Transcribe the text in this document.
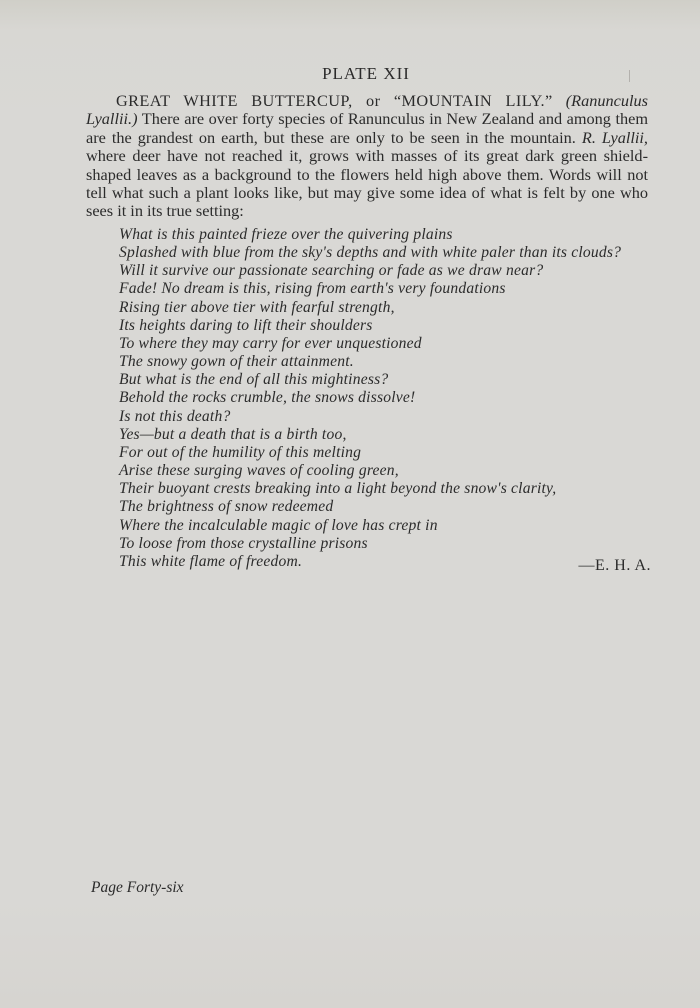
PLATE XII
GREAT WHITE BUTTERCUP, or “MOUNTAIN LILY.” (Ranunculus Lyallii.) There are over forty species of Ranunculus in New Zealand and among them are the grandest on earth, but these are only to be seen in the mountain. R. Lyallii, where deer have not reached it, grows with masses of its great dark green shield-shaped leaves as a background to the flowers held high above them. Words will not tell what such a plant looks like, but may give some idea of what is felt by one who sees it in its true setting:
What is this painted frieze over the quivering plains
Splashed with blue from the sky's depths and with white paler than its clouds?
Will it survive our passionate searching or fade as we draw near?
Fade! No dream is this, rising from earth's very foundations
Rising tier above tier with fearful strength,
Its heights daring to lift their shoulders
To where they may carry for ever unquestioned
The snowy gown of their attainment.
But what is the end of all this mightiness?
Behold the rocks crumble, the snows dissolve!
Is not this death?
Yes—but a death that is a birth too,
For out of the humility of this melting
Arise these surging waves of cooling green,
Their buoyant crests breaking into a light beyond the snow's clarity,
The brightness of snow redeemed
Where the incalculable magic of love has crept in
To loose from those crystalline prisons
This white flame of freedom.	—E. H. A.
Page Forty-six
